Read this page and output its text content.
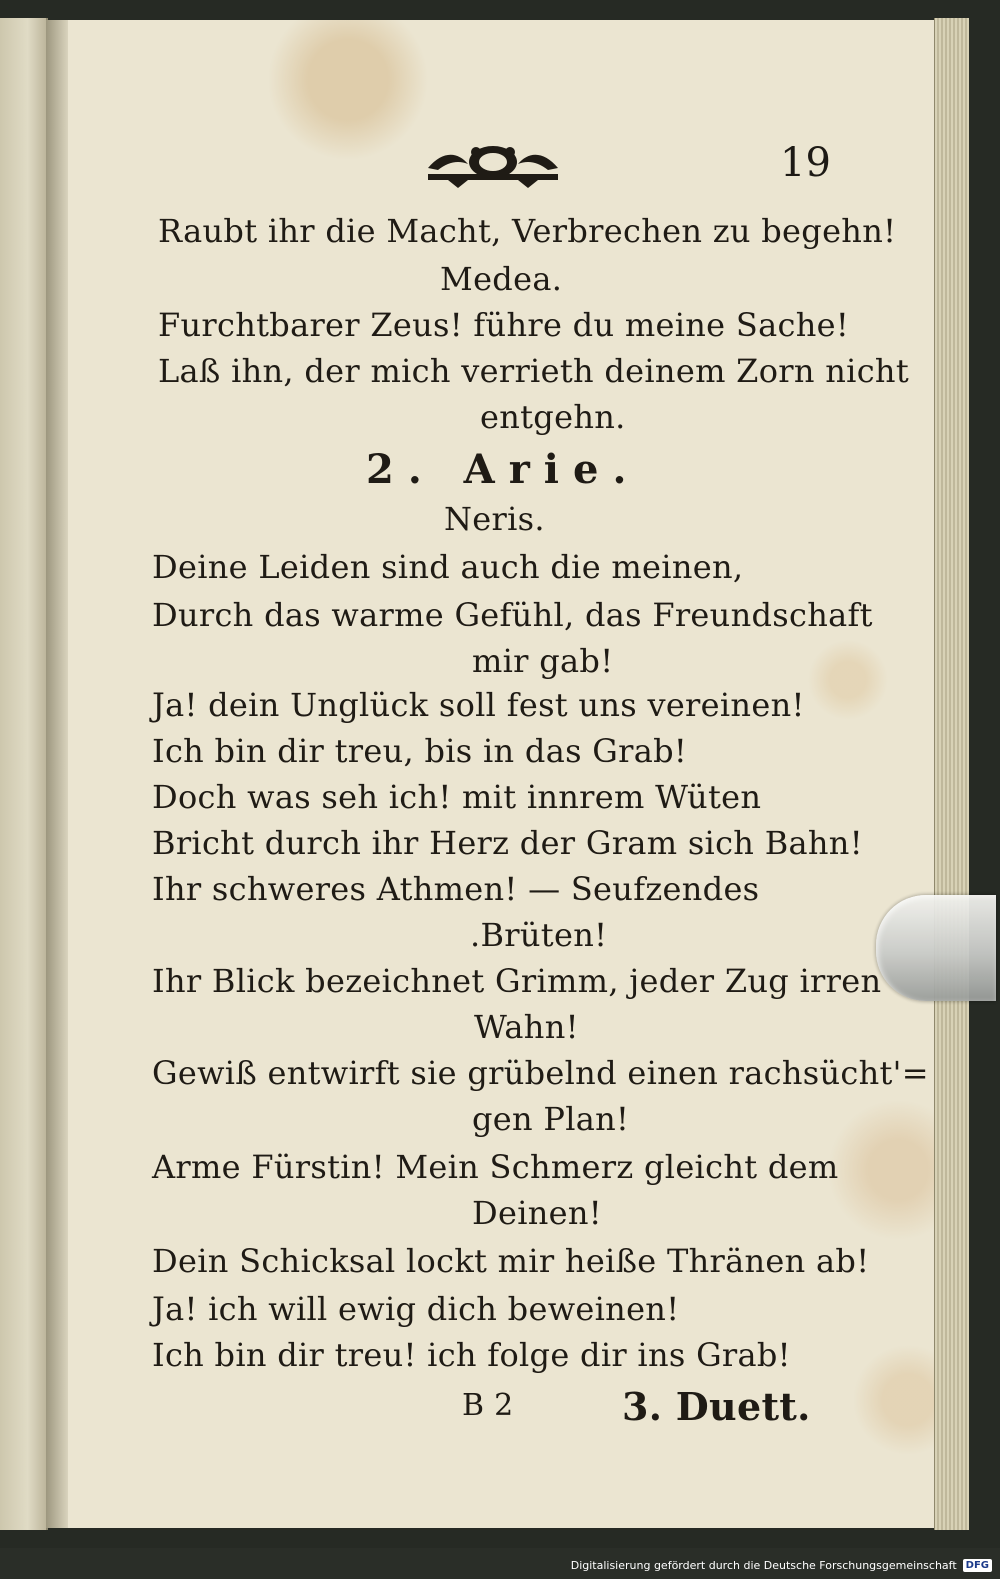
19
Raubt ihr die Macht, Verbrechen zu begehn!
Medea.
Furchtbarer Zeus! führe du meine Sache!
Laß ihn, der mich verrieth deinem Zorn nicht
entgehn.
2. Arie.
Neris.
Deine Leiden sind auch die meinen,
Durch das warme Gefühl, das Freundschaft
mir gab!
Ja! dein Unglück soll fest uns vereinen!
Ich bin dir treu, bis in das Grab!
Doch was seh ich! mit innrem Wüten
Bricht durch ihr Herz der Gram sich Bahn!
Ihr schweres Athmen! — Seufzendes
.Brüten!
Ihr Blick bezeichnet Grimm, jeder Zug irren
Wahn!
Gewiß entwirft sie grübelnd einen rachsücht'=
gen Plan!
Arme Fürstin! Mein Schmerz gleicht dem
Deinen!
Dein Schicksal lockt mir heiße Thränen ab!
Ja! ich will ewig dich beweinen!
Ich bin dir treu! ich folge dir ins Grab!
B 2	3. Duett.
Digitalisierung gefördert durch die Deutsche Forschungsgemeinschaft DFG
